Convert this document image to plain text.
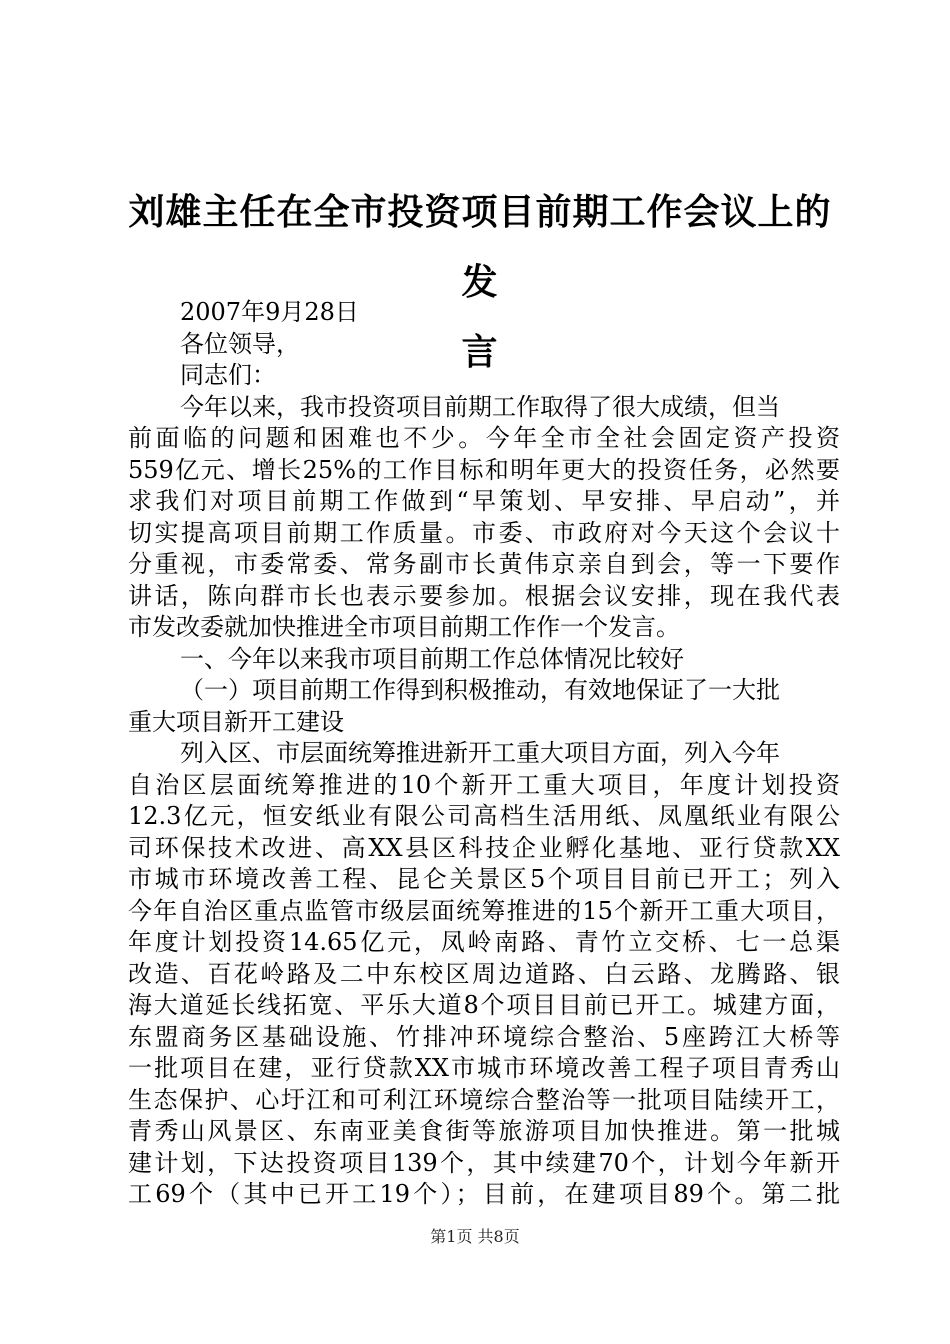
刘雄主任在全市投资项目前期工作会议上的发
言
2007年9月28日
各位领导，
同志们：
今年以来，我市投资项目前期工作取得了很大成绩，但当
前面临的问题和困难也不少。今年全市全社会固定资产投资
559亿元、增长25%的工作目标和明年更大的投资任务，必然要
求我们对项目前期工作做到“早策划、早安排、早启动”，并
切实提高项目前期工作质量。市委、市政府对今天这个会议十
分重视，市委常委、常务副市长黄伟京亲自到会，等一下要作
讲话，陈向群市长也表示要参加。根据会议安排，现在我代表
市发改委就加快推进全市项目前期工作作一个发言。
一、今年以来我市项目前期工作总体情况比较好
（一）项目前期工作得到积极推动，有效地保证了一大批
重大项目新开工建设
列入区、市层面统筹推进新开工重大项目方面，列入今年
自治区层面统筹推进的10个新开工重大项目，年度计划投资
12.3亿元，恒安纸业有限公司高档生活用纸、凤凰纸业有限公
司环保技术改进、高XX县区科技企业孵化基地、亚行贷款XX
市城市环境改善工程、昆仑关景区5个项目目前已开工；列入
今年自治区重点监管市级层面统筹推进的15个新开工重大项目，
年度计划投资14.65亿元，凤岭南路、青竹立交桥、七一总渠
改造、百花岭路及二中东校区周边道路、白云路、龙腾路、银
海大道延长线拓宽、平乐大道8个项目目前已开工。城建方面，
东盟商务区基础设施、竹排冲环境综合整治、5座跨江大桥等
一批项目在建，亚行贷款XX市城市环境改善工程子项目青秀山
生态保护、心圩江和可利江环境综合整治等一批项目陆续开工，
青秀山风景区、东南亚美食街等旅游项目加快推进。第一批城
建计划，下达投资项目139个，其中续建70个，计划今年新开
工69个（其中已开工19个）；目前，在建项目89个。第二批
第1页 共8页
